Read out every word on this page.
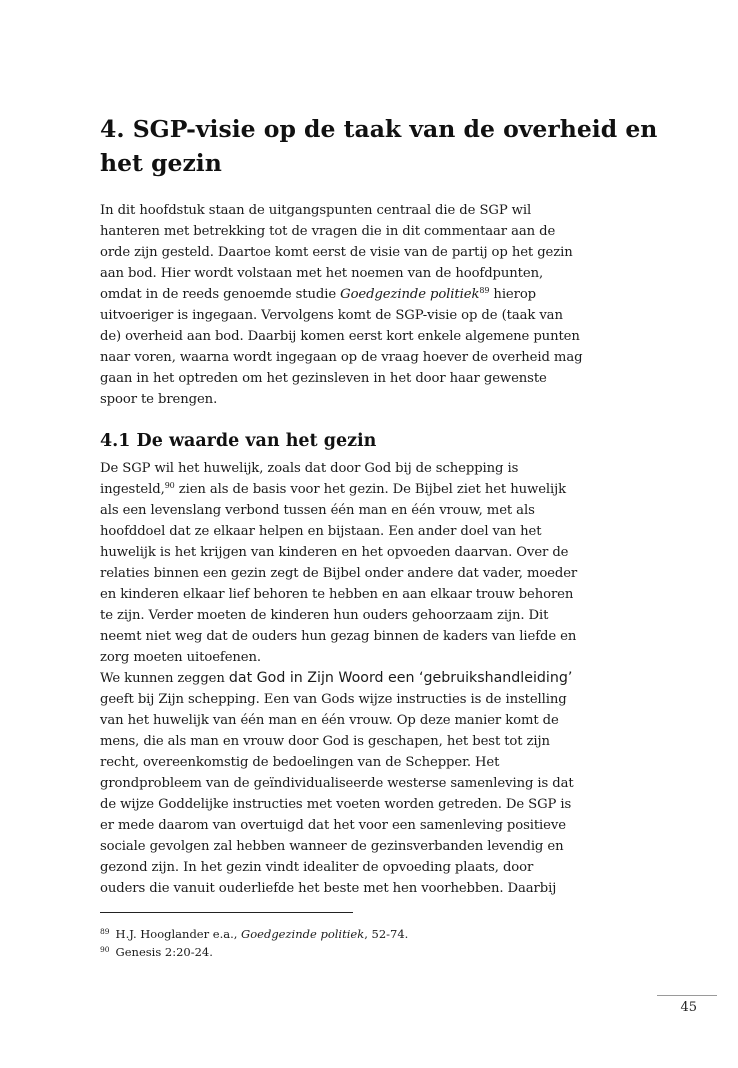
4. SGP-visie op de taak van de overheid en het gezin
In dit hoofdstuk staan de uitgangspunten centraal die de SGP wil
hanteren met betrekking tot de vragen die in dit commentaar aan de
orde zijn gesteld. Daartoe komt eerst de visie van de partij op het gezin
aan bod. Hier wordt volstaan met het noemen van de hoofdpunten,
omdat in de reeds genoemde studie Goedgezinde politiek$^{89}$ hierop
uitvoeriger is ingegaan. Vervolgens komt de SGP-visie op de (taak van
de) overheid aan bod. Daarbij komen eerst kort enkele algemene punten
naar voren, waarna wordt ingegaan op de vraag hoever de overheid mag
gaan in het optreden om het gezinsleven in het door haar gewenste
spoor te brengen.
4.1 De waarde van het gezin
De SGP wil het huwelijk, zoals dat door God bij de schepping is
ingesteld,$^{90}$ zien als de basis voor het gezin. De Bijbel ziet het huwelijk
als een levenslang verbond tussen één man en één vrouw, met als
hoofddoel dat ze elkaar helpen en bijstaan. Een ander doel van het
huwelijk is het krijgen van kinderen en het opvoeden daarvan. Over de
relaties binnen een gezin zegt de Bijbel onder andere dat vader, moeder
en kinderen elkaar lief behoren te hebben en aan elkaar trouw behoren
te zijn. Verder moeten de kinderen hun ouders gehoorzaam zijn. Dit
neemt niet weg dat de ouders hun gezag binnen de kaders van liefde en
zorg moeten uitoefenen.
We kunnen zeggen dat God in Zijn Woord een ‘gebruikshandleiding’
geeft bij Zijn schepping. Een van Gods wijze instructies is de instelling
van het huwelijk van één man en één vrouw. Op deze manier komt de
mens, die als man en vrouw door God is geschapen, het best tot zijn
recht, overeenkomstig de bedoelingen van de Schepper. Het
grondprobleem van de geïndividualiseerde westerse samenleving is dat
de wijze Goddelijke instructies met voeten worden getreden. De SGP is
er mede daarom van overtuigd dat het voor een samenleving positieve
sociale gevolgen zal hebben wanneer de gezinsverbanden levendig en
gezond zijn. In het gezin vindt idealiter de opvoeding plaats, door
ouders die vanuit ouderliefde het beste met hen voorhebben. Daarbij
$^{89}$ H.J. Hooglander e.a., Goedgezinde politiek, 52-74.
$^{90}$ Genesis 2:20-24.
45
